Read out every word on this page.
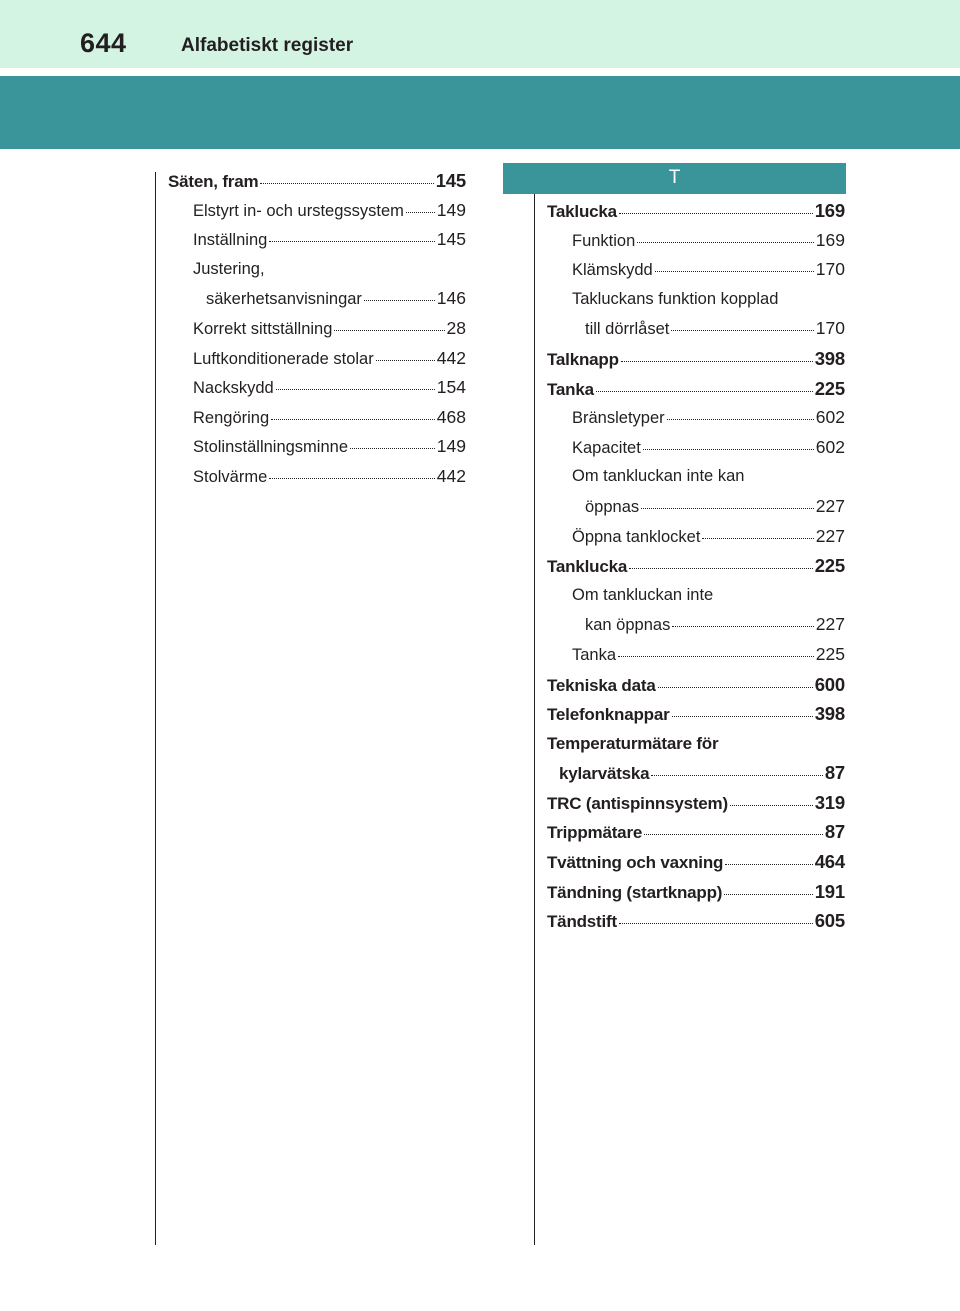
644	Alfabetiskt register
T
Säten, fram	145
Elstyrt in- och urstegssystem 149
Inställning	145
Justering,
säkerhetsanvisningar	146
Korrekt sittställning	28
Luftkonditionerade stolar	442
Nackskydd	154
Rengöring	468
Stolinställningsminne	149
Stolvärme	442
Taklucka	169
Funktion	169
Klämskydd	170
Takluckans funktion kopplad
till dörrlåset	170
Talknapp	398
Tanka	225
Bränsletyper	602
Kapacitet	602
Om tankluckan inte kan
öppnas	227
Öppna tanklocket	227
Tanklucka	225
Om tankluckan inte
kan öppnas	227
Tanka	225
Tekniska data	600
Telefonknappar	398
Temperaturmätare för
kylarvätska	87
TRC (antispinnsystem)	319
Trippmätare	87
Tvättning och vaxning	464
Tändning (startknapp)	191
Tändstift	605
